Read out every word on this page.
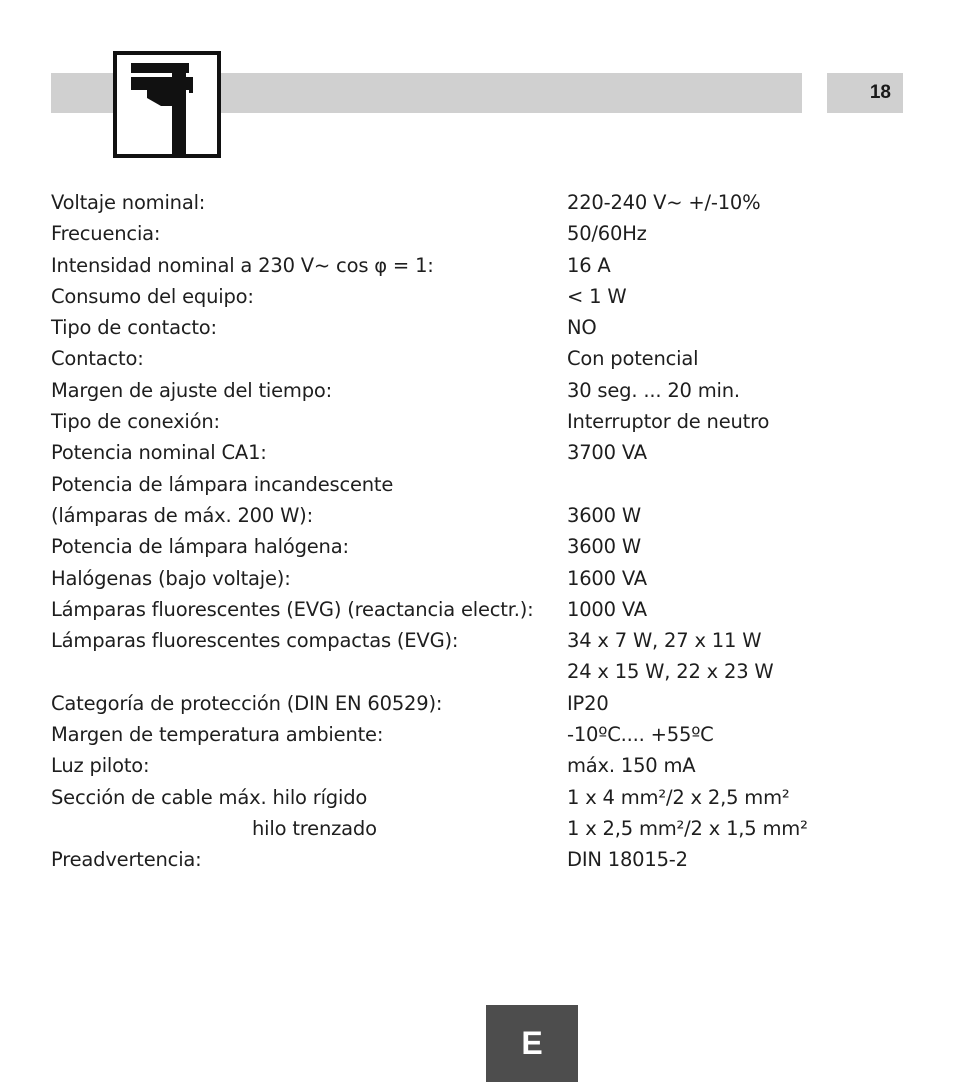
18
Voltaje nominal:	220-240 V~ +/-10%
Frecuencia:	50/60Hz
Intensidad nominal a 230 V~ cos φ = 1:	16 A
Consumo del equipo:	< 1 W
Tipo de contacto:	NO
Contacto:	Con potencial
Margen de ajuste del tiempo:	30 seg. ... 20 min.
Tipo de conexión:	Interruptor de neutro
Potencia nominal CA1:	3700 VA
Potencia de lámpara incandescente
(lámparas de máx. 200 W):	3600 W
Potencia de lámpara halógena:	3600 W
Halógenas (bajo voltaje):	1600 VA
Lámparas fluorescentes (EVG) (reactancia electr.): 1000 VA
Lámparas fluorescentes compactas (EVG):	34 x 7 W, 27 x 11 W
24 x 15 W, 22 x 23 W
Categoría de protección (DIN EN 60529):	IP20
Margen de temperatura ambiente:	-10ºC.... +55ºC
Luz piloto:	máx. 150 mA
Sección de cable máx. hilo rígido	1 x 4 mm²/2 x 2,5 mm²
hilo trenzado	1 x 2,5 mm²/2 x 1,5 mm²
Preadvertencia:	DIN 18015-2
E
